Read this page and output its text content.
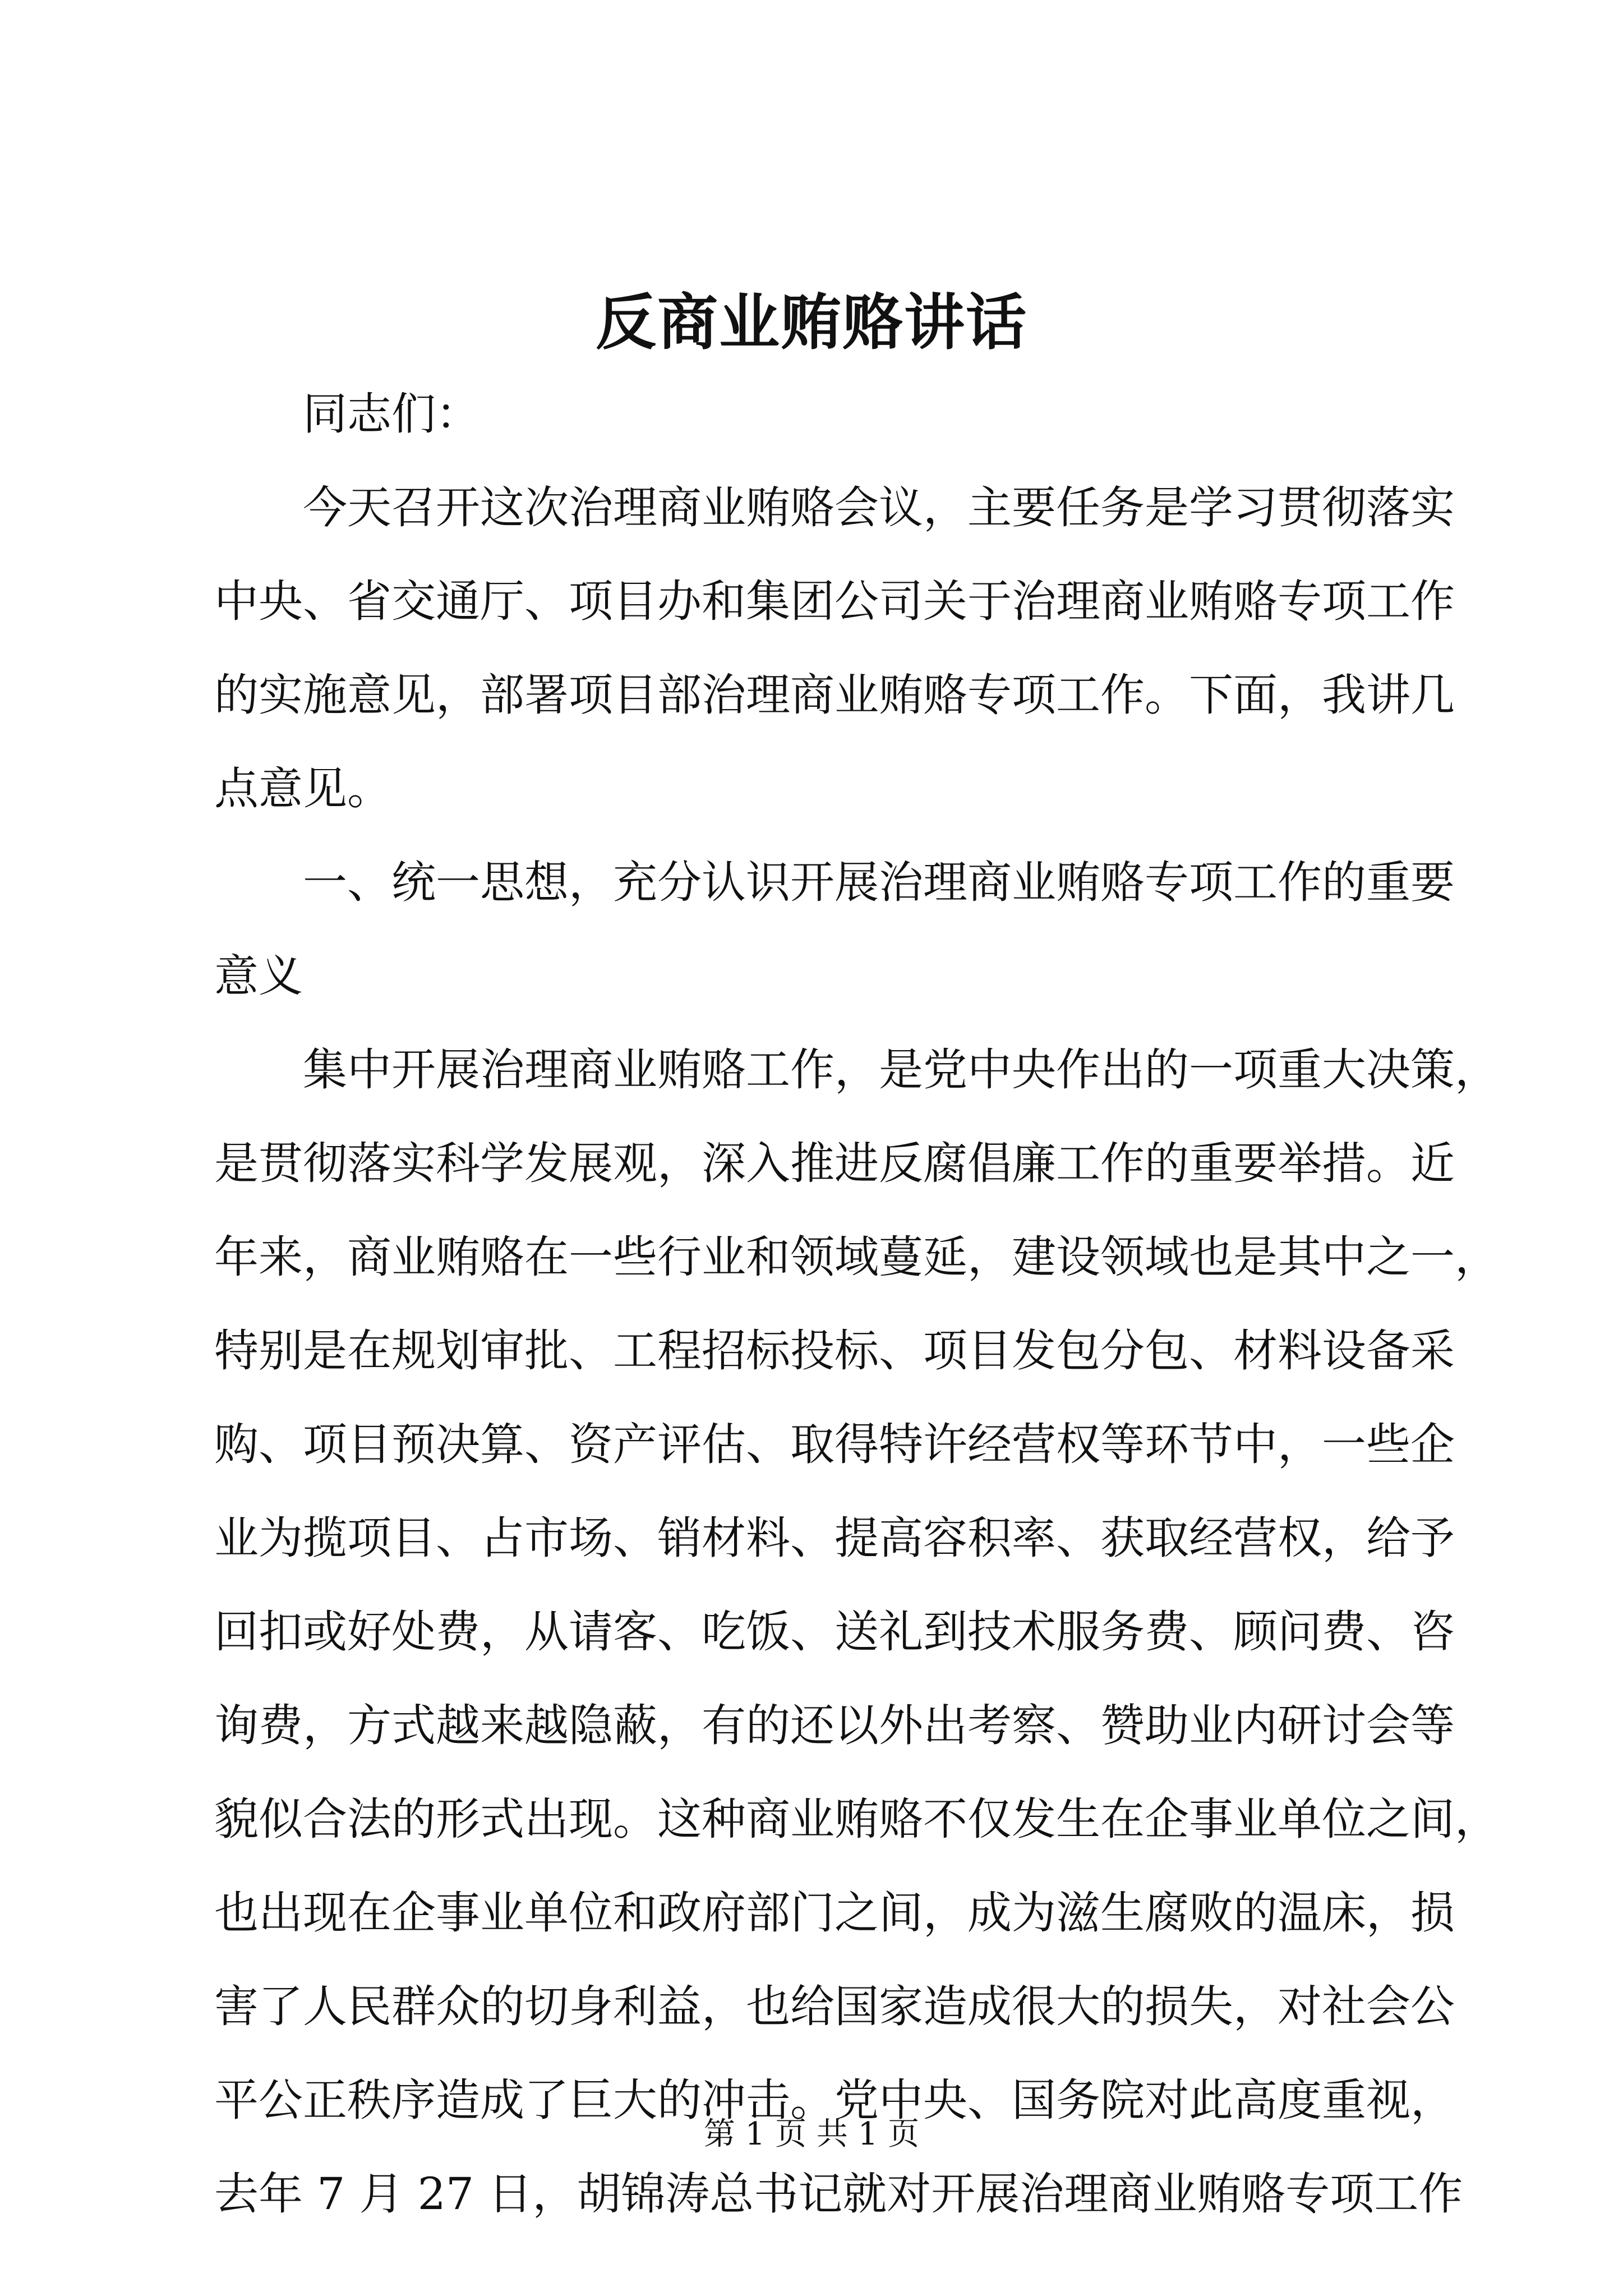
反商业贿赂讲话
同志们：
今天召开这次治理商业贿赂会议，主要任务是学习贯彻落实
中央、省交通厅、项目办和集团公司关于治理商业贿赂专项工作
的实施意见，部署项目部治理商业贿赂专项工作。下面，我讲几
点意见。
一、统一思想，充分认识开展治理商业贿赂专项工作的重要
意义
集中开展治理商业贿赂工作，是党中央作出的一项重大决策，
是贯彻落实科学发展观，深入推进反腐倡廉工作的重要举措。近
年来，商业贿赂在一些行业和领域蔓延，建设领域也是其中之一，
特别是在规划审批、工程招标投标、项目发包分包、材料设备采
购、项目预决算、资产评估、取得特许经营权等环节中，一些企
业为揽项目、占市场、销材料、提高容积率、获取经营权，给予
回扣或好处费，从请客、吃饭、送礼到技术服务费、顾问费、咨
询费，方式越来越隐蔽，有的还以外出考察、赞助业内研讨会等
貌似合法的形式出现。这种商业贿赂不仅发生在企事业单位之间，
也出现在企事业单位和政府部门之间，成为滋生腐败的温床，损
害了人民群众的切身利益，也给国家造成很大的损失，对社会公
平公正秩序造成了巨大的冲击。党中央、国务院对此高度重视，
去年 7 月 27 日，胡锦涛总书记就对开展治理商业贿赂专项工作
第 1 页 共 1 页
